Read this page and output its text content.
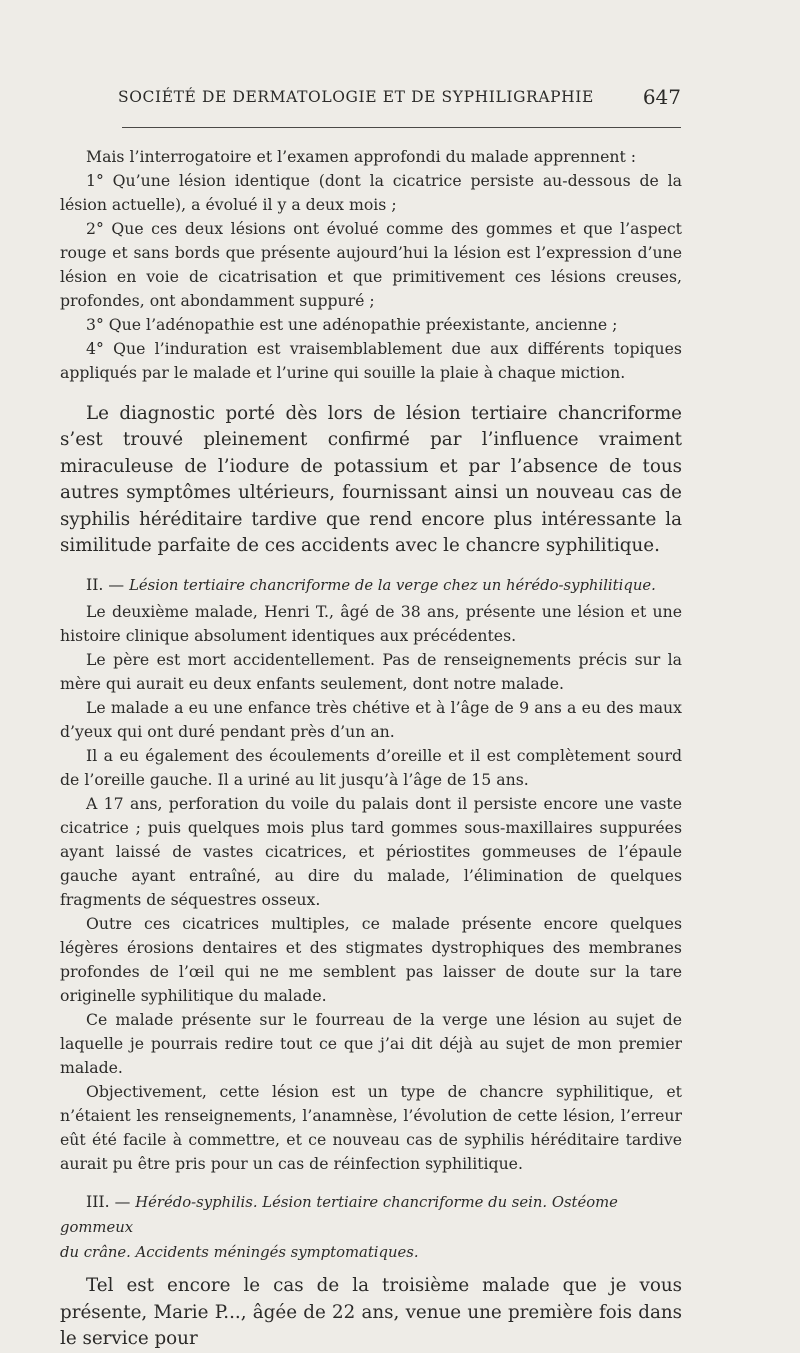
SOCIÉTÉ DE DERMATOLOGIE ET DE SYPHILIGRAPHIE 647

Mais l’interrogatoire et l’examen approfondi du malade apprennent :

1° Qu’une lésion identique (dont la cicatrice persiste au-dessous de la lésion actuelle), a évolué il y a deux mois ;

2° Que ces deux lésions ont évolué comme des gommes et que l’aspect rouge et sans bords que présente aujourd’hui la lésion est l’expression d’une lésion en voie de cicatrisation et que primitivement ces lésions creuses, profondes, ont abondamment suppuré ;

3° Que l’adénopathie est une adénopathie préexistante, ancienne ;

4° Que l’induration est vraisemblablement due aux différents topiques appliqués par le malade et l’urine qui souille la plaie à chaque miction.

Le diagnostic porté dès lors de lésion tertiaire chancriforme s’est trouvé pleinement confirmé par l’influence vraiment miraculeuse de l’iodure de potassium et par l’absence de tous autres symptômes ultérieurs, fournissant ainsi un nouveau cas de syphilis héréditaire tardive que rend encore plus intéressante la similitude parfaite de ces accidents avec le chancre syphilitique.

II. — Lésion tertiaire chancriforme de la verge chez un hérédo-syphilitique.

Le deuxième malade, Henri T., âgé de 38 ans, présente une lésion et une histoire clinique absolument identiques aux précédentes.

Le père est mort accidentellement. Pas de renseignements précis sur la mère qui aurait eu deux enfants seulement, dont notre malade.

Le malade a eu une enfance très chétive et à l’âge de 9 ans a eu des maux d’yeux qui ont duré pendant près d’un an.

Il a eu également des écoulements d’oreille et il est complètement sourd de l’oreille gauche. Il a uriné au lit jusqu’à l’âge de 15 ans.

A 17 ans, perforation du voile du palais dont il persiste encore une vaste cicatrice ; puis quelques mois plus tard gommes sous-maxillaires suppurées ayant laissé de vastes cicatrices, et périostites gommeuses de l’épaule gauche ayant entraîné, au dire du malade, l’élimination de quelques fragments de séquestres osseux.

Outre ces cicatrices multiples, ce malade présente encore quelques légères érosions dentaires et des stigmates dystrophiques des membranes profondes de l’œil qui ne me semblent pas laisser de doute sur la tare originelle syphilitique du malade.

Ce malade présente sur le fourreau de la verge une lésion au sujet de laquelle je pourrais redire tout ce que j’ai dit déjà au sujet de mon premier malade.

Objectivement, cette lésion est un type de chancre syphilitique, et n’étaient les renseignements, l’anamnèse, l’évolution de cette lésion, l’erreur eût été facile à commettre, et ce nouveau cas de syphilis héréditaire tardive aurait pu être pris pour un cas de réinfection syphilitique.

III. — Hérédo-syphilis. Lésion tertiaire chancriforme du sein. Ostéome gommeux
du crâne. Accidents méningés symptomatiques.

Tel est encore le cas de la troisième malade que je vous présente, Marie P..., âgée de 22 ans, venue une première fois dans le service pour
